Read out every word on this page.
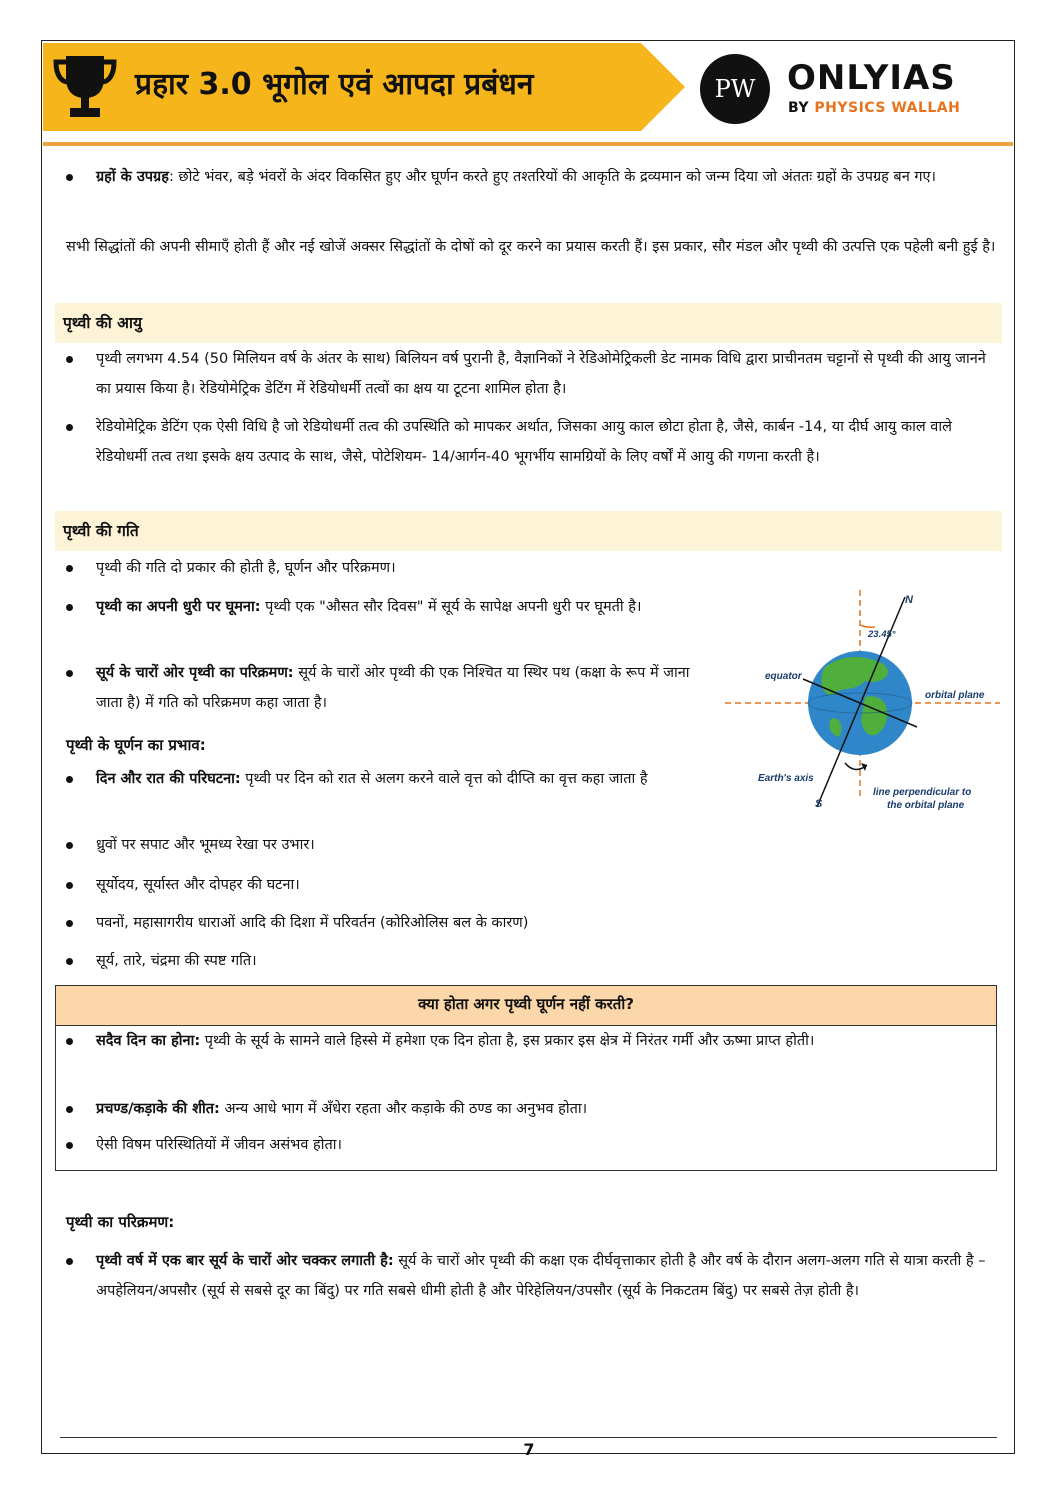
प्रहार 3.0 भूगोल एवं आपदा प्रबंधन	PW ONLYIAS
BY PHYSICS WALLAH
ग्रहों के उपग्रह: छोटे भंवर, बड़े भंवरों के अंदर विकसित हुए और घूर्णन करते हुए तश्तरियों की आकृति के द्रव्यमान को जन्म दिया जो अंततः ग्रहों के उपग्रह बन गए।
सभी सिद्धांतों की अपनी सीमाएँ होती हैं और नई खोजें अक्सर सिद्धांतों के दोषों को दूर करने का प्रयास करती हैं। इस प्रकार, सौर मंडल और पृथ्वी की उत्पत्ति एक पहेली बनी हुई है।
पृथ्वी की आयु
पृथ्वी लगभग 4.54 (50 मिलियन वर्ष के अंतर के साथ) बिलियन वर्ष पुरानी है, वैज्ञानिकों ने रेडिओमेट्रिकली डेट नामक विधि द्वारा प्राचीनतम चट्टानों से पृथ्वी की आयु जानने का प्रयास किया है। रेडियोमेट्रिक डेटिंग में रेडियोधर्मी तत्वों का क्षय या टूटना शामिल होता है।
रेडियोमेट्रिक डेटिंग एक ऐसी विधि है जो रेडियोधर्मी तत्व की उपस्थिति को मापकर अर्थात, जिसका आयु काल छोटा होता है, जैसे, कार्बन -14, या दीर्घ आयु काल वाले रेडियोधर्मी तत्व तथा इसके क्षय उत्पाद के साथ, जैसे, पोटेशियम- 14/आर्गन-40 भूगर्भीय सामग्रियों के लिए वर्षों में आयु की गणना करती है।
पृथ्वी की गति
पृथ्वी की गति दो प्रकार की होती है, घूर्णन और परिक्रमण।
पृथ्वी का अपनी धुरी पर घूमना: पृथ्वी एक "औसत सौर दिवस" में सूर्य के सापेक्ष अपनी धुरी पर घूमती है।
सूर्य के चारों ओर पृथ्वी का परिक्रमण: सूर्य के चारों ओर पृथ्वी की एक निश्चित या स्थिर पथ (कक्षा के रूप में जाना जाता है) में गति को परिक्रमण कहा जाता है।
पृथ्वी के घूर्णन का प्रभाव:
दिन और रात की परिघटना: पृथ्वी पर दिन को रात से अलग करने वाले वृत्त को दीप्ति का वृत्त कहा जाता है
ध्रुवों पर सपाट और भूमध्य रेखा पर उभार।
सूर्योदय, सूर्यास्त और दोपहर की घटना।
पवनों, महासागरीय धाराओं आदि की दिशा में परिवर्तन (कोरिओलिस बल के कारण)
सूर्य, तारे, चंद्रमा की स्पष्ट गति।
N
S
23.45°
equator
orbital plane
Earth's axis
line perpendicular to
the orbital plane
क्या होता अगर पृथ्वी घूर्णन नहीं करती?
सदैव दिन का होना: पृथ्वी के सूर्य के सामने वाले हिस्से में हमेशा एक दिन होता है, इस प्रकार इस क्षेत्र में निरंतर गर्मी और ऊष्मा प्राप्त होती।
प्रचण्ड/कड़ाके की शीत: अन्य आधे भाग में अँधेरा रहता और कड़ाके की ठण्ड का अनुभव होता।
ऐसी विषम परिस्थितियों में जीवन असंभव होता।
पृथ्वी का परिक्रमण:
पृथ्वी वर्ष में एक बार सूर्य के चारों ओर चक्कर लगाती है: सूर्य के चारों ओर पृथ्वी की कक्षा एक दीर्घवृत्ताकार होती है और वर्ष के दौरान अलग-अलग गति से यात्रा करती है – अपहेलियन/अपसौर (सूर्य से सबसे दूर का बिंदु) पर गति सबसे धीमी होती है और पेरिहेलियन/उपसौर (सूर्य के निकटतम बिंदु) पर सबसे तेज़ होती है।
7
